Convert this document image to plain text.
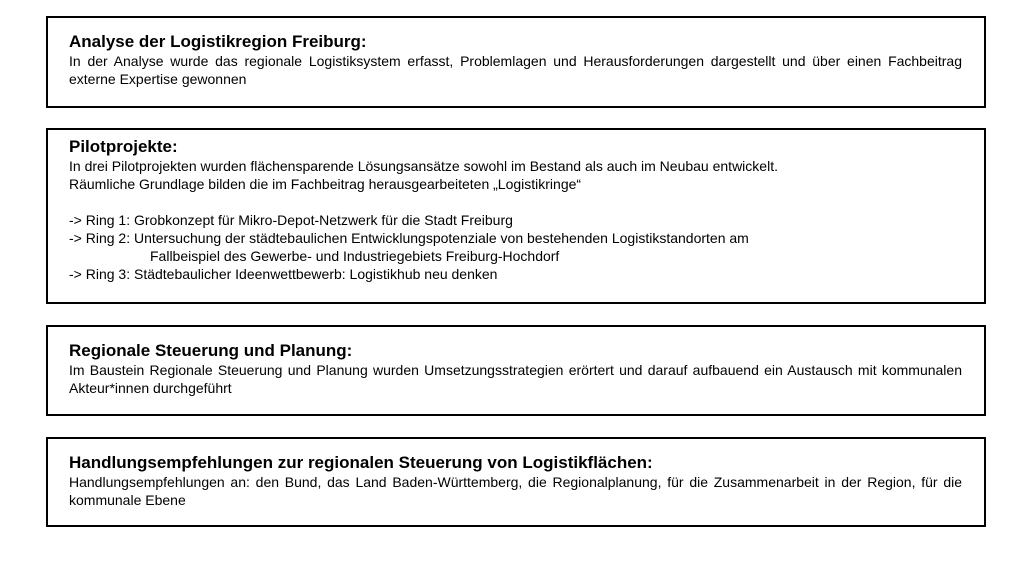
Analyse der Logistikregion Freiburg:

In der Analyse wurde das regionale Logistiksystem erfasst, Problemlagen und Herausforderungen dargestellt und über einen Fachbeitrag externe Expertise gewonnen

Pilotprojekte:

In drei Pilotprojekten wurden flächensparende Lösungsansätze sowohl im Bestand als auch im Neubau entwickelt.

Räumliche Grundlage bilden die im Fachbeitrag herausgearbeiteten „Logistikringe“

-> Ring 1: Grobkonzept für Mikro-Depot-Netzwerk für die Stadt Freiburg

-> Ring 2: Untersuchung der städtebaulichen Entwicklungspotenziale von bestehenden Logistikstandorten am

Fallbeispiel des Gewerbe- und Industriegebiets Freiburg-Hochdorf

-> Ring 3: Städtebaulicher Ideenwettbewerb: Logistikhub neu denken

Regionale Steuerung und Planung:

Im Baustein Regionale Steuerung und Planung wurden Umsetzungsstrategien erörtert und darauf aufbauend ein Austausch mit kommunalen Akteur*innen durchgeführt

Handlungsempfehlungen zur regionalen Steuerung von Logistikflächen:

Handlungsempfehlungen an: den Bund, das Land Baden-Württemberg, die Regionalplanung, für die Zusammenarbeit in der Region, für die kommunale Ebene
